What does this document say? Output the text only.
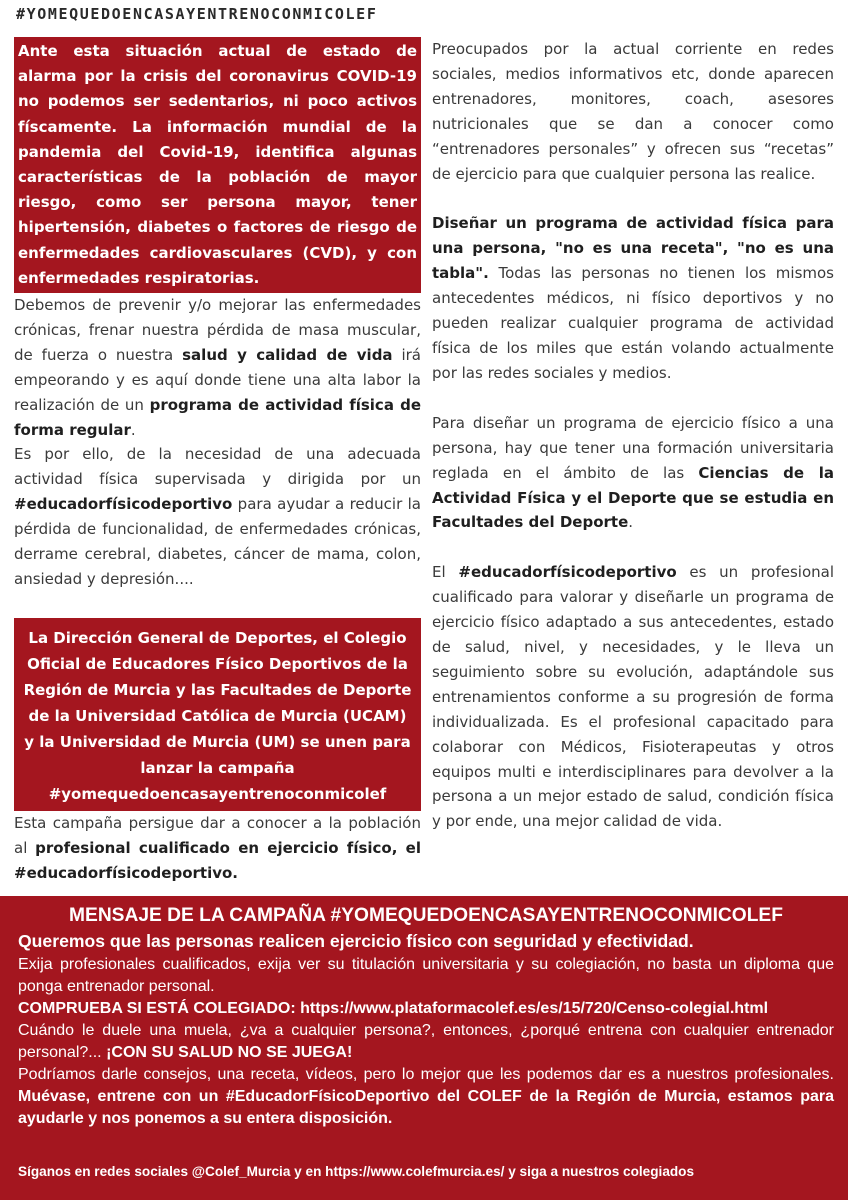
#YOMEQUEDOENCASAYENTRENOCONMICOLEF

Ante esta situación actual de estado de alarma por la crisis del coronavirus COVID-19 no podemos ser sedentarios, ni poco activos físcamente. La información mundial de la pandemia del Covid-19, identifica algunas características de la población de mayor riesgo, como ser persona mayor, tener hipertensión, diabetes o factores de riesgo de enfermedades cardiovasculares (CVD), y con enfermedades respiratorias.

Debemos de prevenir y/o mejorar las enfermedades crónicas, frenar nuestra pérdida de masa muscular, de fuerza o nuestra salud y calidad de vida irá empeorando y es aquí donde tiene una alta labor la realización de un programa de actividad física de forma regular.

Es por ello, de la necesidad de una adecuada actividad física supervisada y dirigida por un #educadorfísicodeportivo para ayudar a reducir la pérdida de funcionalidad, de enfermedades crónicas, derrame cerebral, diabetes, cáncer de mama, colon, ansiedad y depresión....

La Dirección General de Deportes, el Colegio Oficial de Educadores Físico Deportivos de la Región de Murcia y las Facultades de Deporte de la Universidad Católica de Murcia (UCAM) y la Universidad de Murcia (UM) se unen para lanzar la campaña #yomequedoencasayentrenoconmicolef

Esta campaña persigue dar a conocer a la población al profesional cualificado en ejercicio físico, el #educadorfísicodeportivo.

Preocupados por la actual corriente en redes sociales, medios informativos etc, donde aparecen entrenadores, monitores, coach, asesores nutricionales que se dan a conocer como “entrenadores personales” y ofrecen sus “recetas” de ejercicio para que cualquier persona las realice.

Diseñar un programa de actividad física para una persona, "no es una receta", "no es una tabla". Todas las personas no tienen los mismos antecedentes médicos, ni físico deportivos y no pueden realizar cualquier programa de actividad física de los miles que están volando actualmente por las redes sociales y medios.

Para diseñar un programa de ejercicio físico a una persona, hay que tener una formación universitaria reglada en el ámbito de las Ciencias de la Actividad Física y el Deporte que se estudia en Facultades del Deporte.

El #educadorfísicodeportivo es un profesional cualificado para valorar y diseñarle un programa de ejercicio físico adaptado a sus antecedentes, estado de salud, nivel, y necesidades, y le lleva un seguimiento sobre su evolución, adaptándole sus entrenamientos conforme a su progresión de forma individualizada. Es el profesional capacitado para colaborar con Médicos, Fisioterapeutas y otros equipos multi e interdisciplinares para devolver a la persona a un mejor estado de salud, condición física y por ende, una mejor calidad de vida.

MENSAJE DE LA CAMPAÑA #YOMEQUEDOENCASAYENTRENOCONMICOLEF

Queremos que las personas realicen ejercicio físico con seguridad y efectividad.

Exija profesionales cualificados, exija ver su titulación universitaria y su colegiación, no basta un diploma que ponga entrenador personal.

COMPRUEBA SI ESTÁ COLEGIADO: https://www.plataformacolef.es/es/15/720/Censo-colegial.html

Cuándo le duele una muela, ¿va a cualquier persona?, entonces, ¿porqué entrena con cualquier entrenador personal?... ¡CON SU SALUD NO SE JUEGA!

Podríamos darle consejos, una receta, vídeos, pero lo mejor que les podemos dar es a nuestros profesionales. Muévase, entrene con un #EducadorFísicoDeportivo del COLEF de la Región de Murcia, estamos para ayudarle y nos ponemos a su entera disposición.

Síganos en redes sociales @Colef_Murcia y en https://www.colefmurcia.es/ y siga a nuestros colegiados
